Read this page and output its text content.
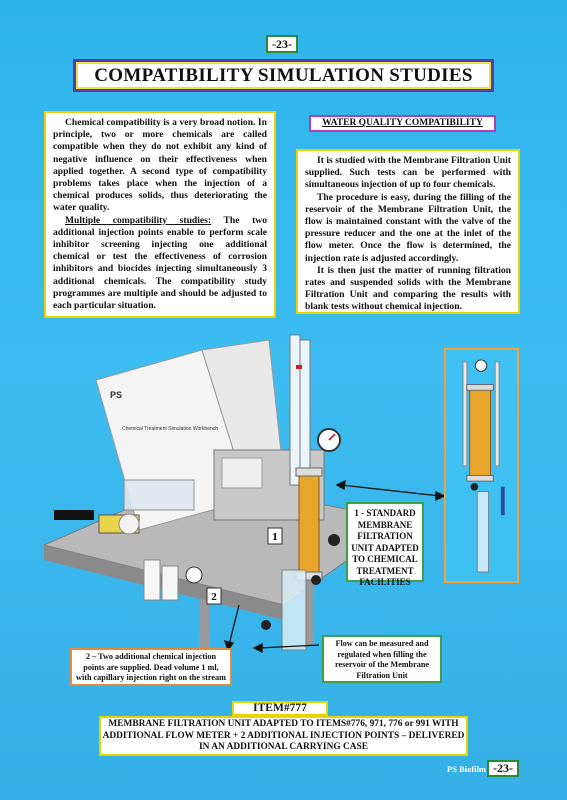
-23-
COMPATIBILITY SIMULATION STUDIES

Chemical compatibility is a very broad notion. In principle, two or more chemicals are called compatible when they do not exhibit any kind of negative influence on their effectiveness when applied together. A second type of compatibility problems takes place when the injection of a chemical produces solids, thus deteriorating the water quality.

Multiple compatibility studies: The two additional injection points enable to perform scale inhibitor screening injecting one additional chemical or test the effectiveness of corrosion inhibitors and biocides injecting simultaneously 3 additional chemicals. The compatibility study programmes are multiple and should be adjusted to each particular situation.

WATER QUALITY COMPATIBILITY

It is studied with the Membrane Filtration Unit supplied. Such tests can be performed with simultaneous injection of up to four chemicals.

The procedure is easy, during the filling of the reservoir of the Membrane Filtration Unit, the flow is maintained constant with the valve of the pressure reducer and the one at the inlet of the flow meter. Once the flow is determined, the injection rate is adjusted accordingly.

It is then just the matter of running filtration rates and suspended solids with the Membrane Filtration Unit and comparing the results with blank tests without chemical injection.

PS
Chemical Treatment Simulation Workbench
1
2
1 - STANDARD MEMBRANE FILTRATION UNIT ADAPTED TO CHEMICAL TREATMENT FACILITIES
2 – Two additional chemical injection points are supplied. Dead volume 1 ml, with capillary injection right on the stream
Flow can be measured and regulated when filling the reservoir of the Membrane Filtration Unit
ITEM#777
MEMBRANE FILTRATION UNIT ADAPTED TO ITEMS#776, 971, 776 or 991 WITH ADDITIONAL FLOW METER + 2 ADDITIONAL INJECTION POINTS – DELIVERED IN AN ADDITIONAL CARRYING CASE
PS Biofilm -23-
